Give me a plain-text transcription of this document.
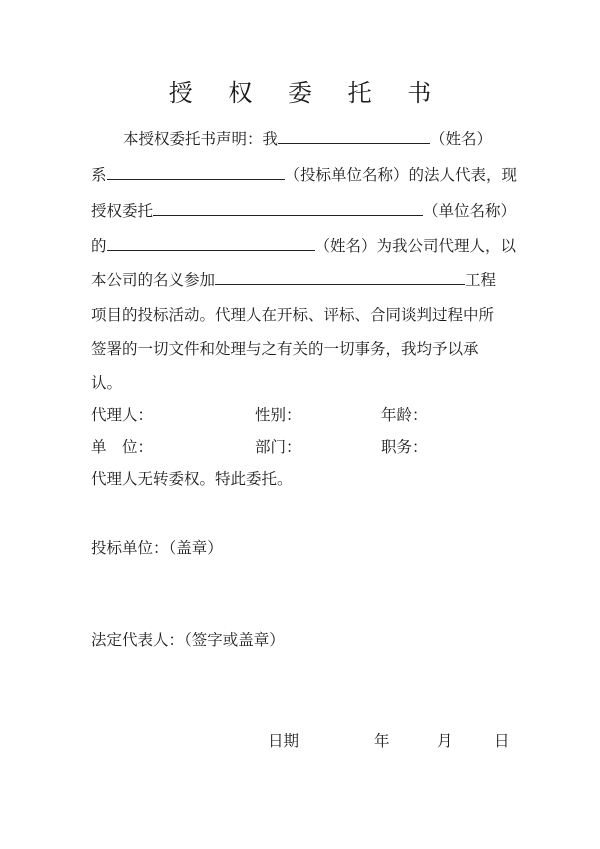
授 权 委 托 书
本授权委托书声明：我	（姓名）
系	（投标单位名称）的法人代表，现
授权委托	（单位名称）
的	（姓名）为我公司代理人，以
本公司的名义参加	工程
项目的投标活动。代理人在开标、评标、合同谈判过程中所
签署的一切文件和处理与之有关的一切事务，我均予以承
认。
代理人：	性别：	年龄：
单　位：	部门：	职务：
代理人无转委权。特此委托。
投标单位：（盖章）
法定代表人：（签字或盖章）
日期	年	月	日
